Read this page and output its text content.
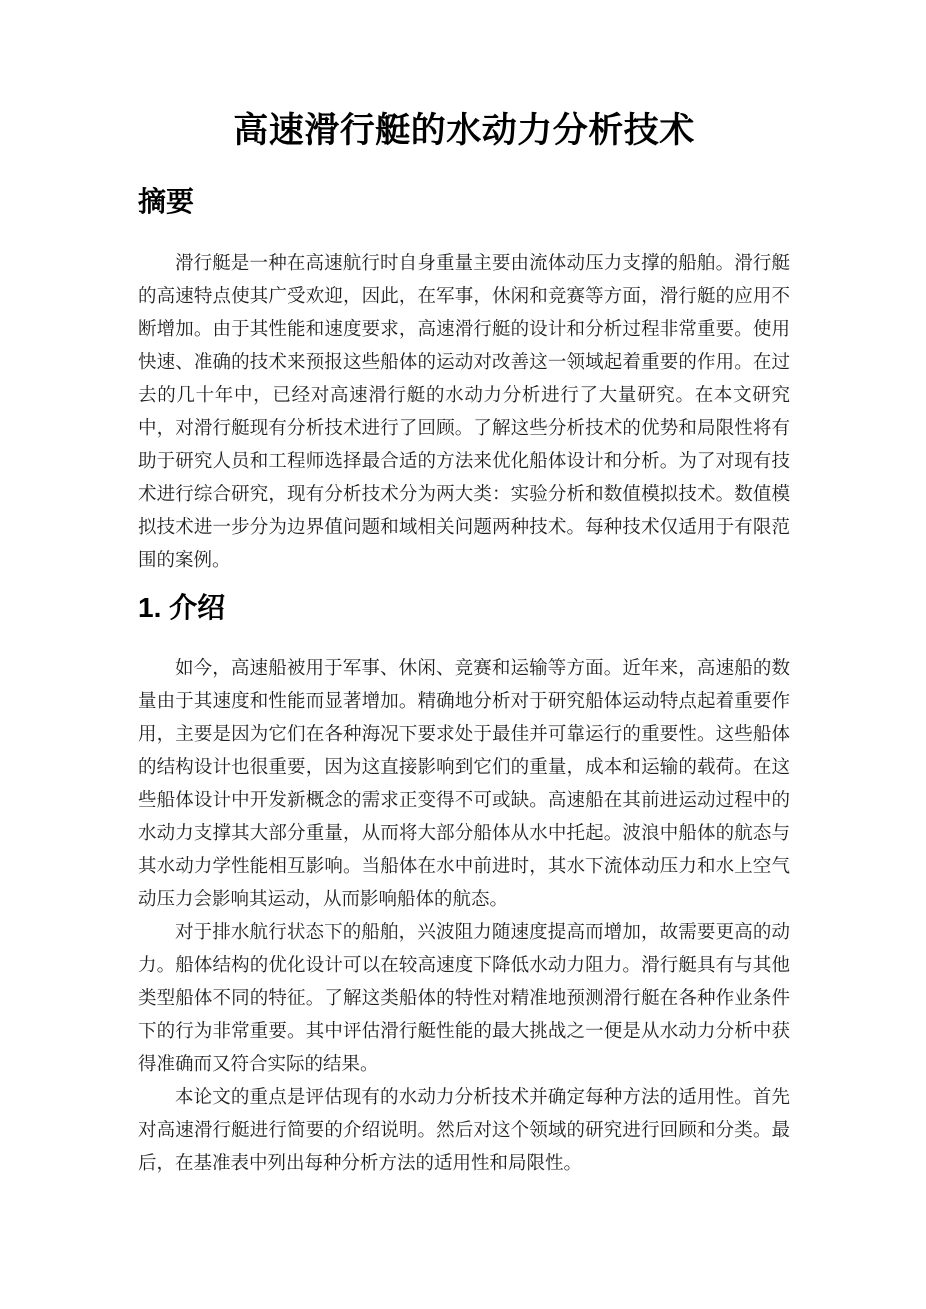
高速滑行艇的水动力分析技术
摘要

滑行艇是一种在高速航行时自身重量主要由流体动压力支撑的船舶。滑行艇的高速特点使其广受欢迎，因此，在军事，休闲和竞赛等方面，滑行艇的应用不断增加。由于其性能和速度要求，高速滑行艇的设计和分析过程非常重要。使用快速、准确的技术来预报这些船体的运动对改善这一领域起着重要的作用。在过去的几十年中，已经对高速滑行艇的水动力分析进行了大量研究。在本文研究中，对滑行艇现有分析技术进行了回顾。了解这些分析技术的优势和局限性将有助于研究人员和工程师选择最合适的方法来优化船体设计和分析。为了对现有技术进行综合研究，现有分析技术分为两大类：实验分析和数值模拟技术。数值模拟技术进一步分为边界值问题和域相关问题两种技术。每种技术仅适用于有限范围的案例。

1. 介绍

如今，高速船被用于军事、休闲、竞赛和运输等方面。近年来，高速船的数量由于其速度和性能而显著增加。精确地分析对于研究船体运动特点起着重要作用，主要是因为它们在各种海况下要求处于最佳并可靠运行的重要性。这些船体的结构设计也很重要，因为这直接影响到它们的重量，成本和运输的载荷。在这些船体设计中开发新概念的需求正变得不可或缺。高速船在其前进运动过程中的水动力支撑其大部分重量，从而将大部分船体从水中托起。波浪中船体的航态与其水动力学性能相互影响。当船体在水中前进时，其水下流体动压力和水上空气动压力会影响其运动，从而影响船体的航态。

对于排水航行状态下的船舶，兴波阻力随速度提高而增加，故需要更高的动力。船体结构的优化设计可以在较高速度下降低水动力阻力。滑行艇具有与其他类型船体不同的特征。了解这类船体的特性对精准地预测滑行艇在各种作业条件下的行为非常重要。其中评估滑行艇性能的最大挑战之一便是从水动力分析中获得准确而又符合实际的结果。

本论文的重点是评估现有的水动力分析技术并确定每种方法的适用性。首先对高速滑行艇进行简要的介绍说明。然后对这个领域的研究进行回顾和分类。最后，在基准表中列出每种分析方法的适用性和局限性。
